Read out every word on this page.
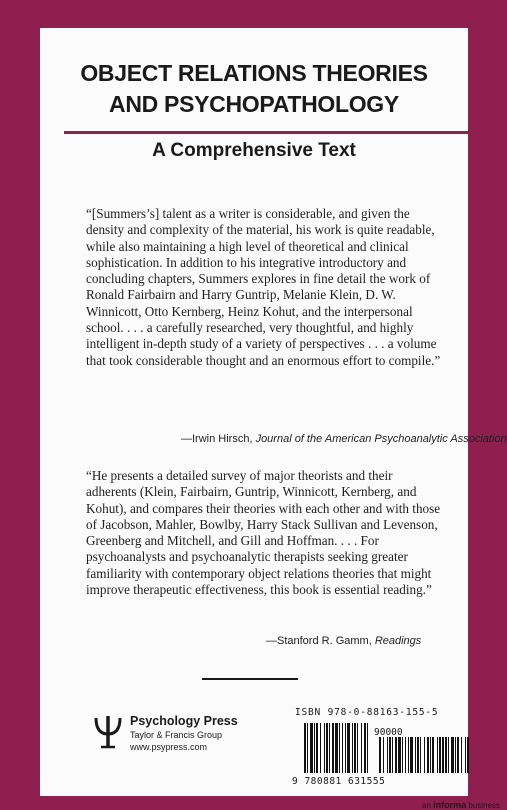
OBJECT RELATIONS THEORIES
AND PSYCHOPATHOLOGY
A Comprehensive Text

“[Summers’s] talent as a writer is considerable, and given the density and complexity of the material, his work is quite readable, while also maintaining a high level of theoretical and clinical sophistication. In addition to his integrative introductory and concluding chapters, Summers explores in fine detail the work of Ronald Fairbairn and Harry Guntrip, Melanie Klein, D. W. Winnicott, Otto Kernberg, Heinz Kohut, and the interpersonal school. . . . a carefully researched, very thoughtful, and highly intelligent in-depth study of a variety of perspectives . . . a volume that took considerable thought and an enormous effort to compile.”

—Irwin Hirsch, Journal of the American Psychoanalytic Association

“He presents a detailed survey of major theorists and their adherents (Klein, Fairbairn, Guntrip, Winnicott, Kernberg, and Kohut), and compares their theories with each other and with those of Jacobson, Mahler, Bowlby, Harry Stack Sullivan and Levenson, Greenberg and Mitchell, and Gill and Hoffman. . . . For psychoanalysts and psychoanalytic therapists seeking greater familiarity with contemporary object relations theories that might improve therapeutic effectiveness, this book is essential reading.”

—Stanford R. Gamm, Readings
Psychology Press
Taylor & Francis Group
www.psypress.com
ISBN 978-0-88163-155-5
90000
9 780881 631555
an informa business
